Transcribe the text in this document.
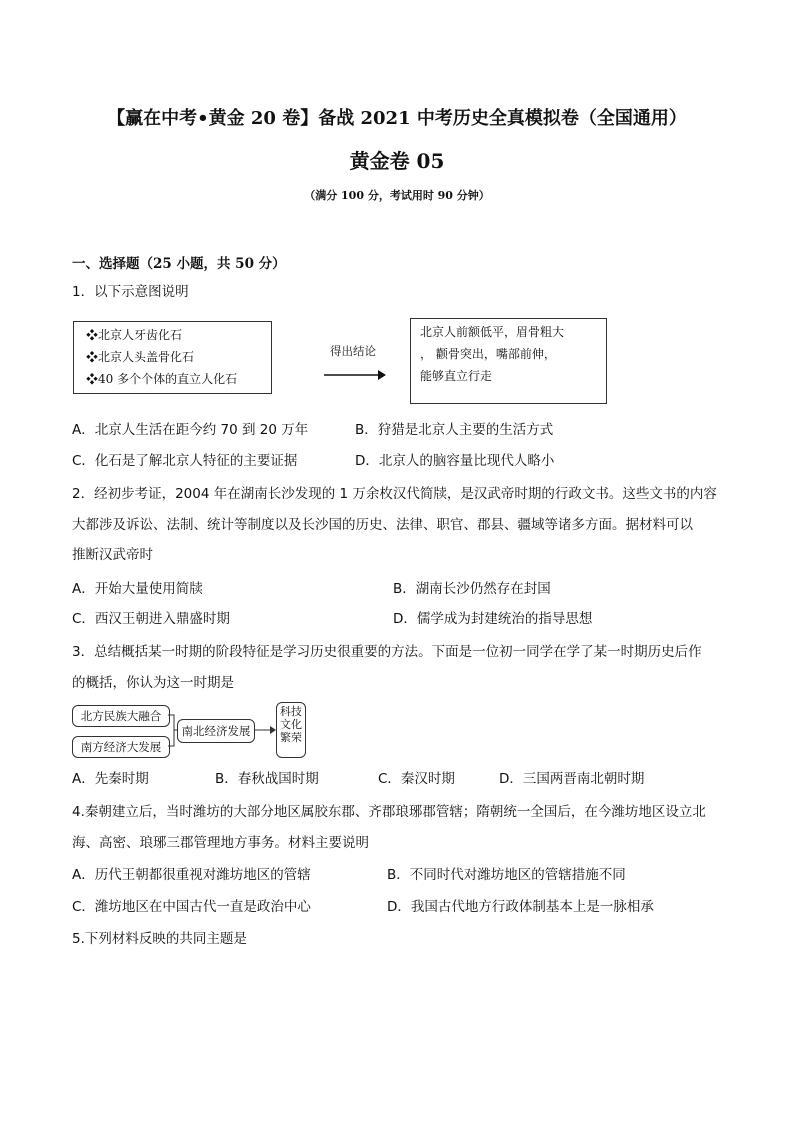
【赢在中考•黄金 20 卷】备战 2021 中考历史全真模拟卷（全国通用）
黄金卷 05
（满分 100 分，考试用时 90 分钟）
一、选择题（25 小题，共 50 分）
1．以下示意图说明
❖北京人牙齿化石
❖北京人头盖骨化石
❖40 多个个体的直立人化石
得出结论
北京人前额低平，眉骨粗大
， 颧骨突出，嘴部前伸，
能够直立行走
A．北京人生活在距今约 70 到 20 万年	B．狩猎是北京人主要的生活方式
C．化石是了解北京人特征的主要证据	D．北京人的脑容量比现代人略小
2．经初步考证，2004 年在湖南长沙发现的 1 万余枚汉代简牍，是汉武帝时期的行政文书。这些文书的内容
大都涉及诉讼、法制、统计等制度以及长沙国的历史、法律、职官、郡县、疆域等诸多方面。据材料可以
推断汉武帝时
A．开始大量使用简牍	B．湖南长沙仍然存在封国
C．西汉王朝进入鼎盛时期	D．儒学成为封建统治的指导思想
3．总结概括某一时期的阶段特征是学习历史很重要的方法。下面是一位初一同学在学了某一时期历史后作
的概括，你认为这一时期是
北方民族大融合
南方经济大发展
南北经济发展
科技
文化
繁荣
A．先秦时期	B．春秋战国时期	C．秦汉时期	D．三国两晋南北朝时期
4.秦朝建立后，当时潍坊的大部分地区属胶东郡、齐郡琅琊郡管辖；隋朝统一全国后，在今潍坊地区设立北
海、高密、琅琊三郡管理地方事务。材料主要说明
A．历代王朝都很重视对潍坊地区的管辖	B．不同时代对潍坊地区的管辖措施不同
C．潍坊地区在中国古代一直是政治中心	D．我国古代地方行政体制基本上是一脉相承
5.下列材料反映的共同主题是
